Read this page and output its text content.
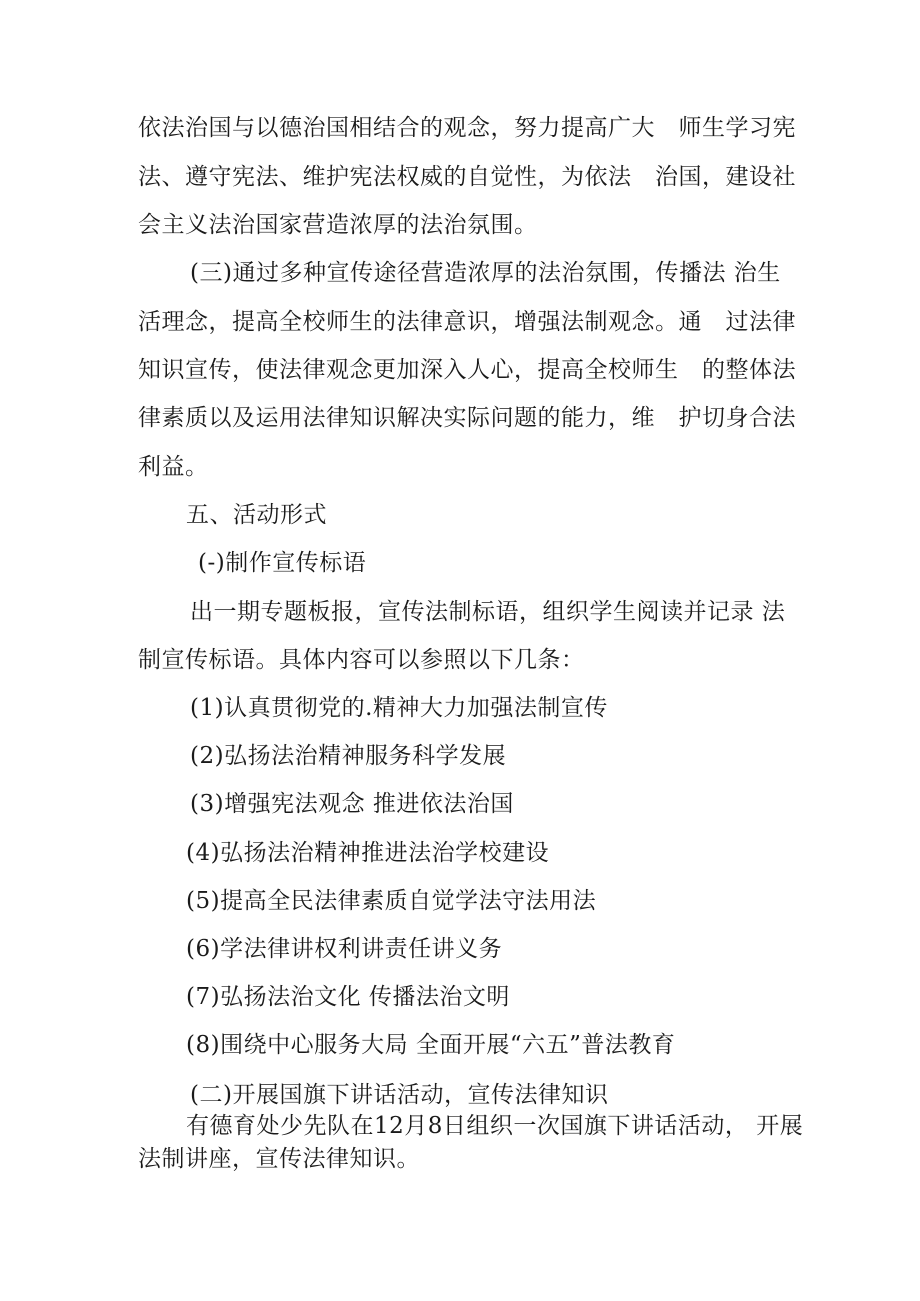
依法治国与以德治国相结合的观念，努力提高广大　师生学习宪
法、遵守宪法、维护宪法权威的自觉性，为依法　治国，建设社
会主义法治国家营造浓厚的法治氛围。
(三)通过多种宣传途径营造浓厚的法治氛围，传播法 治生
活理念，提高全校师生的法律意识，增强法制观念。通　过法律
知识宣传，使法律观念更加深入人心，提高全校师生　的整体法
律素质以及运用法律知识解决实际问题的能力，维　护切身合法
利益。
五、活动形式
(-)制作宣传标语
出一期专题板报，宣传法制标语，组织学生阅读并记录 法
制宣传标语。具体内容可以参照以下几条：
(1)认真贯彻党的.精神大力加强法制宣传
(2)弘扬法治精神服务科学发展
(3)增强宪法观念 推进依法治国
(4)弘扬法治精神推进法治学校建设
(5)提高全民法律素质自觉学法守法用法
(6)学法律讲权利讲责任讲义务
(7)弘扬法治文化 传播法治文明
(8)围绕中心服务大局 全面开展“六五”普法教育
(二)开展国旗下讲话活动，宣传法律知识
有德育处少先队在12月8日组织一次国旗下讲话活动， 开展
法制讲座，宣传法律知识。
